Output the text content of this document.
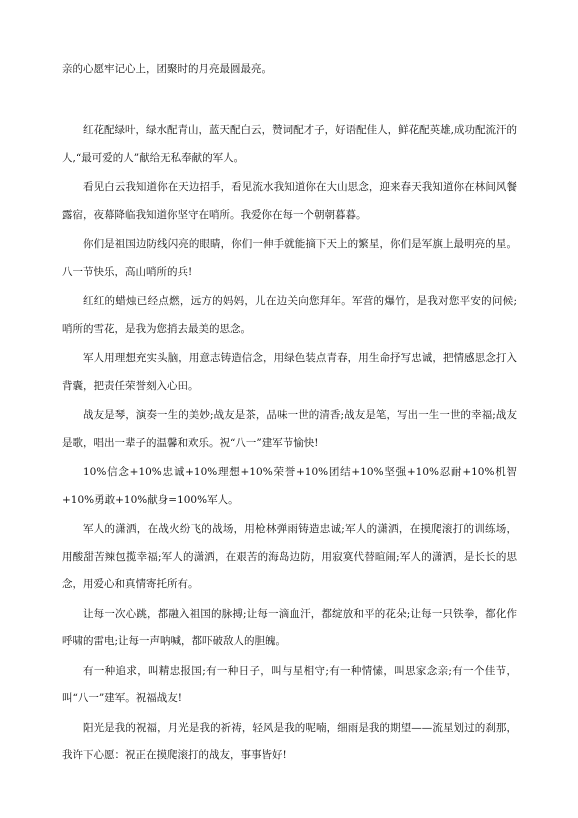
亲的心愿牢记心上，团聚时的月亮最圆最亮。

红花配绿叶，绿水配青山，蓝天配白云，赞词配才子，好语配佳人，鲜花配英雄,成功配流汗的人,“最可爱的人”献给无私奉献的军人。

看见白云我知道你在天边招手，看见流水我知道你在大山思念，迎来春天我知道你在林间风餐露宿，夜幕降临我知道你坚守在哨所。我爱你在每一个朝朝暮暮。

你们是祖国边防线闪亮的眼睛，你们一伸手就能摘下天上的繁星，你们是军旗上最明亮的星。八一节快乐，高山哨所的兵!

红红的蜡烛已经点燃，远方的妈妈，儿在边关向您拜年。军营的爆竹，是我对您平安的问候;哨所的雪花，是我为您捎去最美的思念。

军人用理想充实头脑，用意志铸造信念，用绿色装点青春，用生命抒写忠诚，把情感思念打入背囊，把责任荣誉刻入心田。

战友是琴，演奏一生的美妙;战友是茶，品味一世的清香;战友是笔，写出一生一世的幸福;战友是歌，唱出一辈子的温馨和欢乐。祝“八一”建军节愉快!

10%信念+10%忠诚+10%理想+10%荣誉+10%团结+10%坚强+10%忍耐+10%机智+10%勇敢+10%献身=100%军人。

军人的潇洒，在战火纷飞的战场，用枪林弹雨铸造忠诚;军人的潇洒，在摸爬滚打的训练场，用酸甜苦辣包揽幸福;军人的潇洒，在艰苦的海岛边防，用寂寞代替暄闹;军人的潇洒，是长长的思念，用爱心和真情寄托所有。

让每一次心跳，都融入祖国的脉搏;让每一滴血汗，都绽放和平的花朵;让每一只铁拳，都化作呼啸的雷电;让每一声呐喊，都吓破敌人的胆魄。

有一种追求，叫精忠报国;有一种日子，叫与星相守;有一种情愫，叫思家念亲;有一个佳节，叫“八一”建军。祝福战友!

阳光是我的祝福，月光是我的祈祷，轻风是我的呢喃，细雨是我的期望——流星划过的刹那，我许下心愿：祝正在摸爬滚打的战友，事事皆好!
